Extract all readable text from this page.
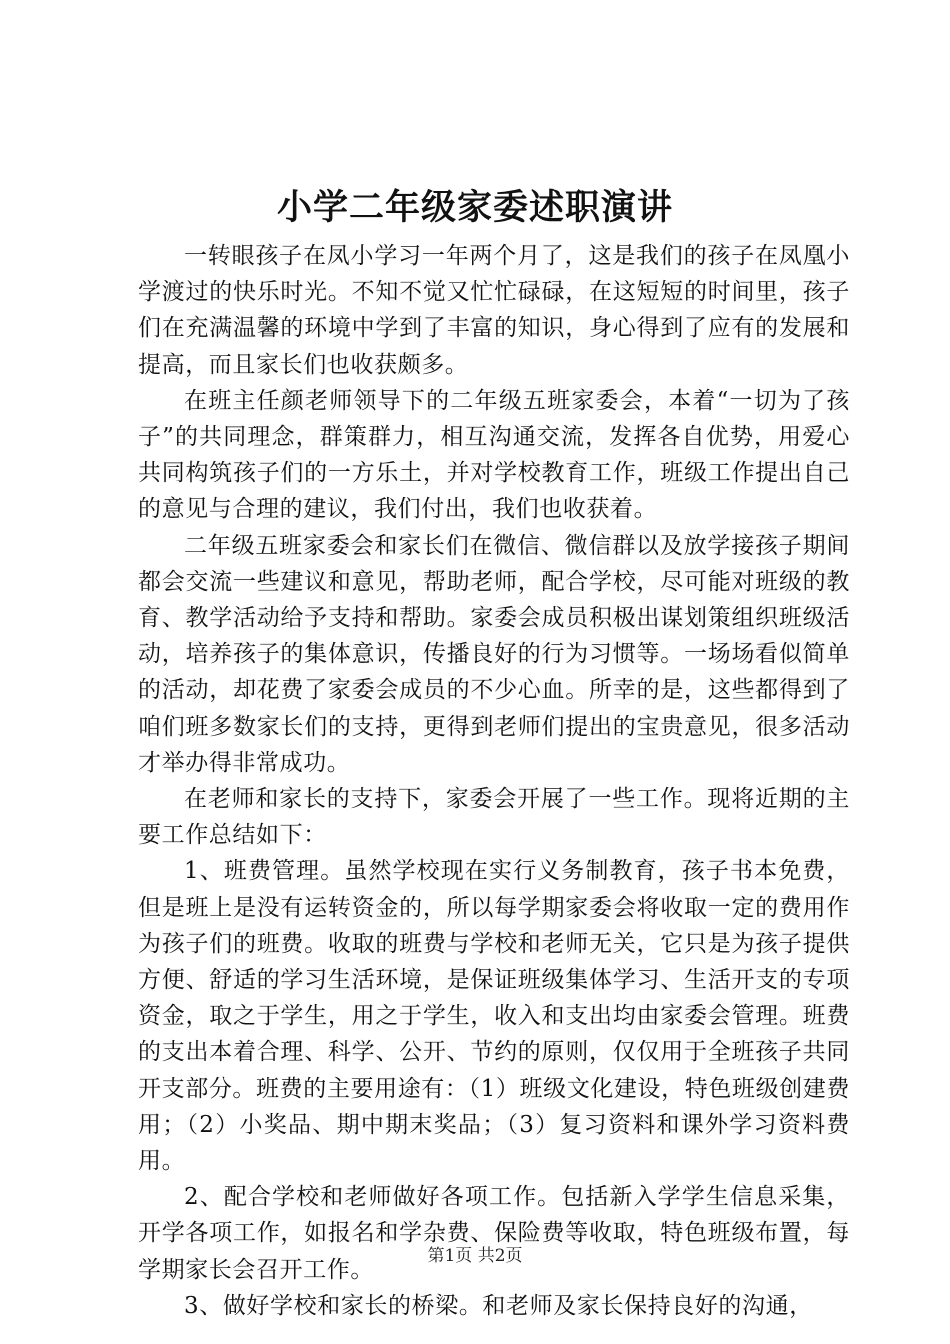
小学二年级家委述职演讲

一转眼孩子在凤小学习一年两个月了，这是我们的孩子在凤凰小学渡过的快乐时光。不知不觉又忙忙碌碌，在这短短的时间里，孩子们在充满温馨的环境中学到了丰富的知识，身心得到了应有的发展和提高，而且家长们也收获颇多。

在班主任颜老师领导下的二年级五班家委会，本着“一切为了孩子”的共同理念，群策群力，相互沟通交流，发挥各自优势，用爱心共同构筑孩子们的一方乐土，并对学校教育工作，班级工作提出自己的意见与合理的建议，我们付出，我们也收获着。

二年级五班家委会和家长们在微信、微信群以及放学接孩子期间都会交流一些建议和意见，帮助老师，配合学校，尽可能对班级的教育、教学活动给予支持和帮助。家委会成员积极出谋划策组织班级活动，培养孩子的集体意识，传播良好的行为习惯等。一场场看似简单的活动，却花费了家委会成员的不少心血。所幸的是，这些都得到了咱们班多数家长们的支持，更得到老师们提出的宝贵意见，很多活动才举办得非常成功。

在老师和家长的支持下，家委会开展了一些工作。现将近期的主要工作总结如下：

1、班费管理。虽然学校现在实行义务制教育，孩子书本免费，但是班上是没有运转资金的，所以每学期家委会将收取一定的费用作为孩子们的班费。收取的班费与学校和老师无关，它只是为孩子提供方便、舒适的学习生活环境，是保证班级集体学习、生活开支的专项资金，取之于学生，用之于学生，收入和支出均由家委会管理。班费的支出本着合理、科学、公开、节约的原则，仅仅用于全班孩子共同开支部分。班费的主要用途有：（1）班级文化建设，特色班级创建费用；（2）小奖品、期中期末奖品；（3）复习资料和课外学习资料费用。

2、配合学校和老师做好各项工作。包括新入学学生信息采集，开学各项工作，如报名和学杂费、保险费等收取，特色班级布置，每学期家长会召开工作。

3、做好学校和家长的桥梁。和老师及家长保持良好的沟通，

第1页 共2页
